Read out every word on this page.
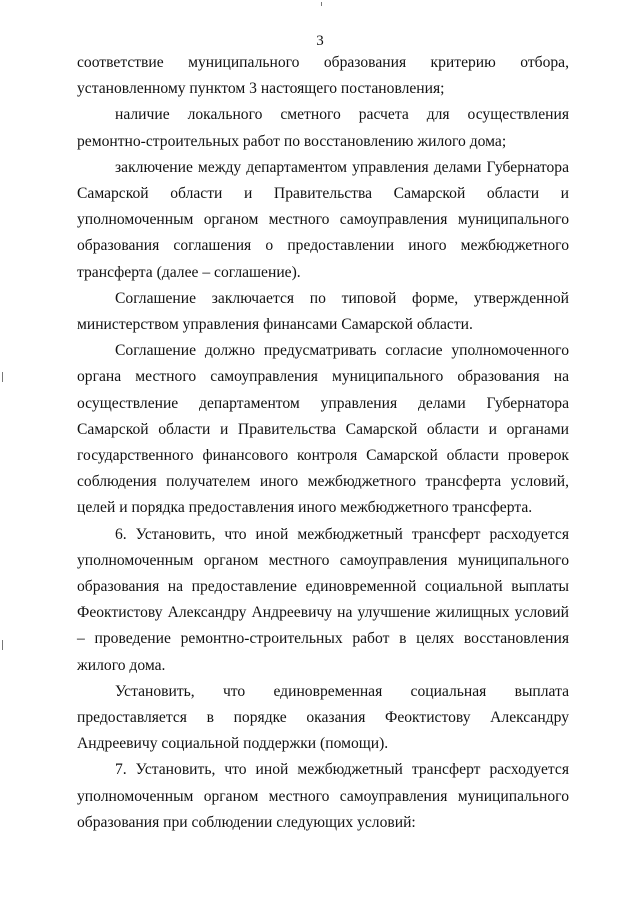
3

соответствие муниципального образования критерию отбора, установленному пунктом 3 настоящего постановления;

наличие локального сметного расчета для осуществления ремонтно-строительных работ по восстановлению жилого дома;

заключение между департаментом управления делами Губернатора Самарской области и Правительства Самарской области и уполномоченным органом местного самоуправления муниципального образования соглашения о предоставлении иного межбюджетного трансферта (далее – соглашение).

Соглашение заключается по типовой форме, утвержденной министерством управления финансами Самарской области.

Соглашение должно предусматривать согласие уполномоченного органа местного самоуправления муниципального образования на осуществление департаментом управления делами Губернатора Самарской области и Правительства Самарской области и органами государственного финансового контроля Самарской области проверок соблюдения получателем иного межбюджетного трансферта условий, целей и порядка предоставления иного межбюджетного трансферта.

6. Установить, что иной межбюджетный трансферт расходуется уполномоченным органом местного самоуправления муниципального образования на предоставление единовременной социальной выплаты Феоктистову Александру Андреевичу на улучшение жилищных условий – проведение ремонтно-строительных работ в целях восстановления жилого дома.

Установить, что единовременная социальная выплата предоставляется в порядке оказания Феоктистову Александру Андреевичу социальной поддержки (помощи).

7. Установить, что иной межбюджетный трансферт расходуется уполномоченным органом местного самоуправления муниципального образования при соблюдении следующих условий:
